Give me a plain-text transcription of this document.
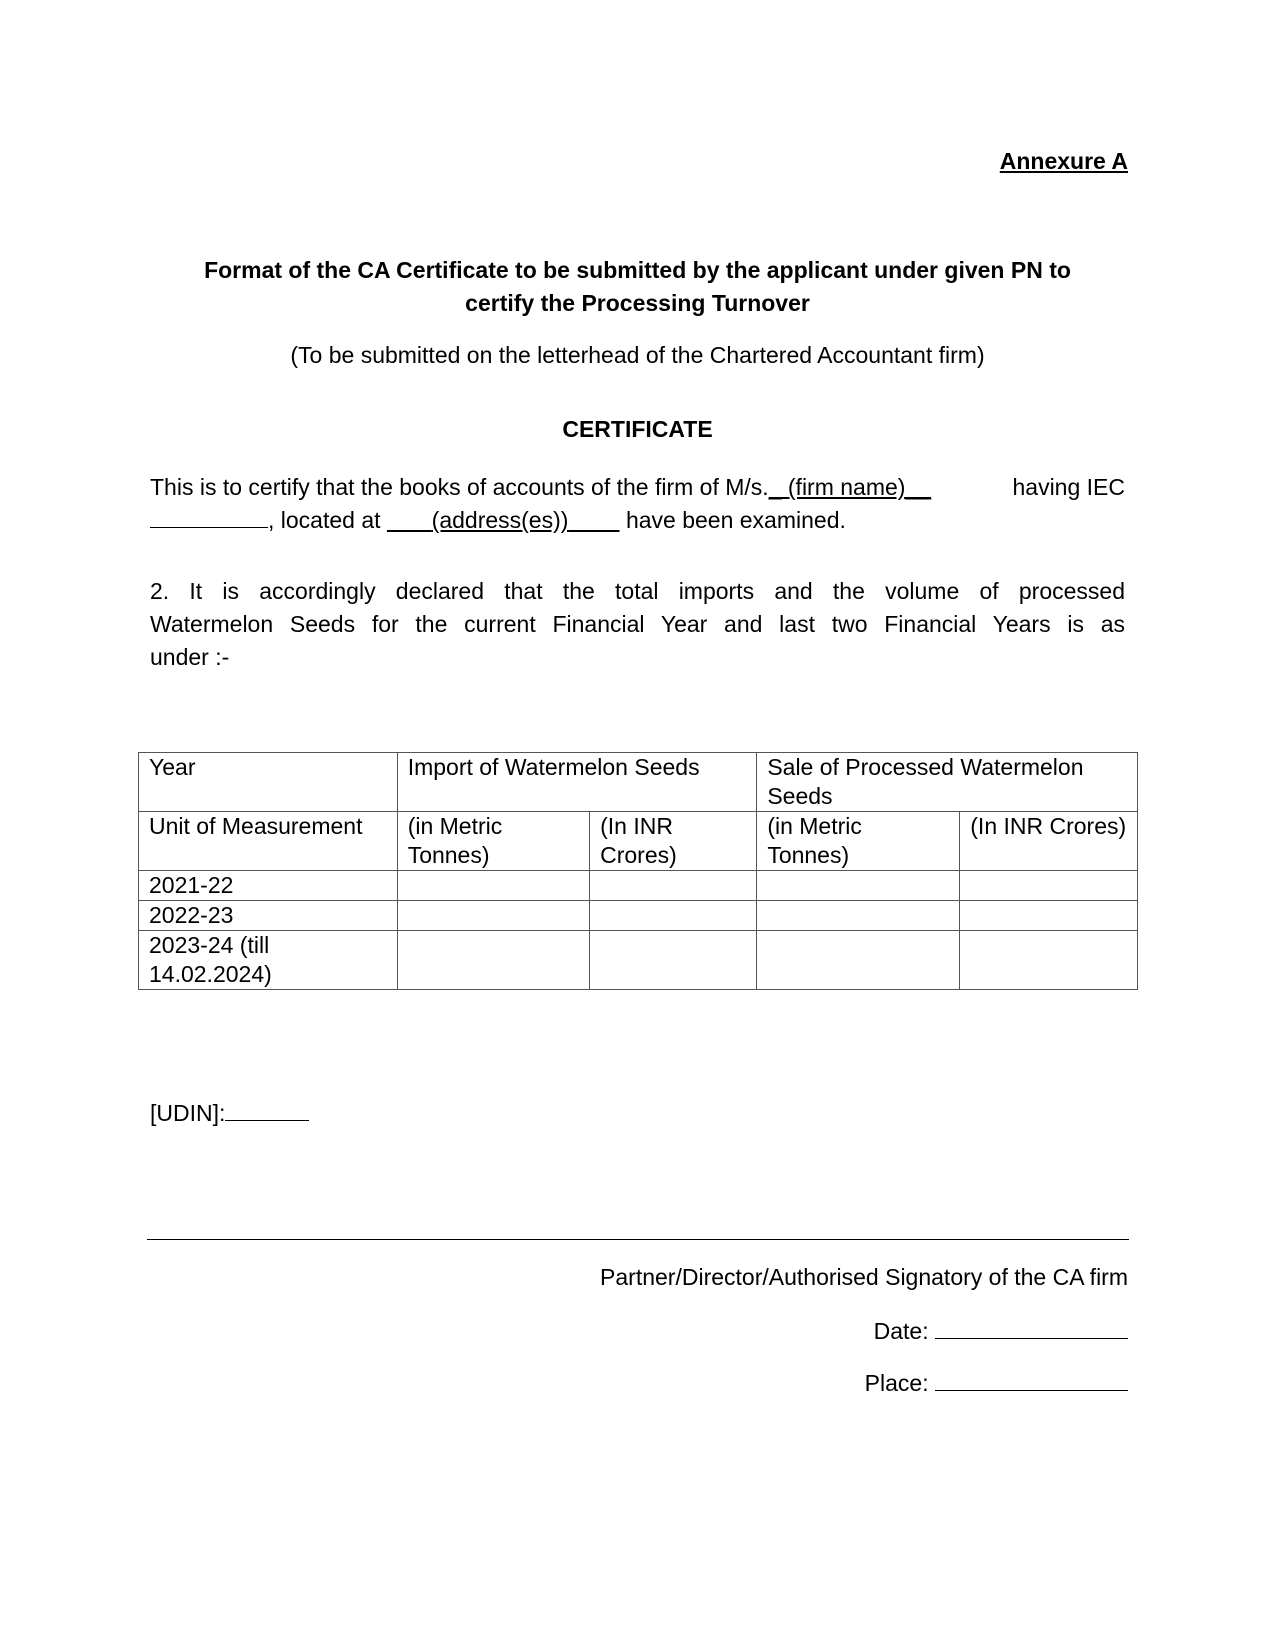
Annexure A
Format of the CA Certificate to be submitted by the applicant under given PN to
certify the Processing Turnover
(To be submitted on the letterhead of the Chartered Accountant firm)
CERTIFICATE
This is to certify that the books of accounts of the firm of M/s._ (firm name)__	having IEC
, located at (address(es))	have been examined.
2. It is accordingly declared that the total imports and the volume of processed
Watermelon Seeds for the current Financial Year and last two Financial Years is as
under :-
Year	Import of Watermelon Seeds		Sale of Processed Watermelon Seeds	
Unit of Measurement	(in Metric Tonnes)	(In INR Crores)	(in Metric Tonnes)	(In INR Crores)
2021-22				
2022-23				
2023-24 (till 14.02.2024)				
[UDIN]:
Partner/Director/Authorised Signatory of the CA firm
Date:
Place:
